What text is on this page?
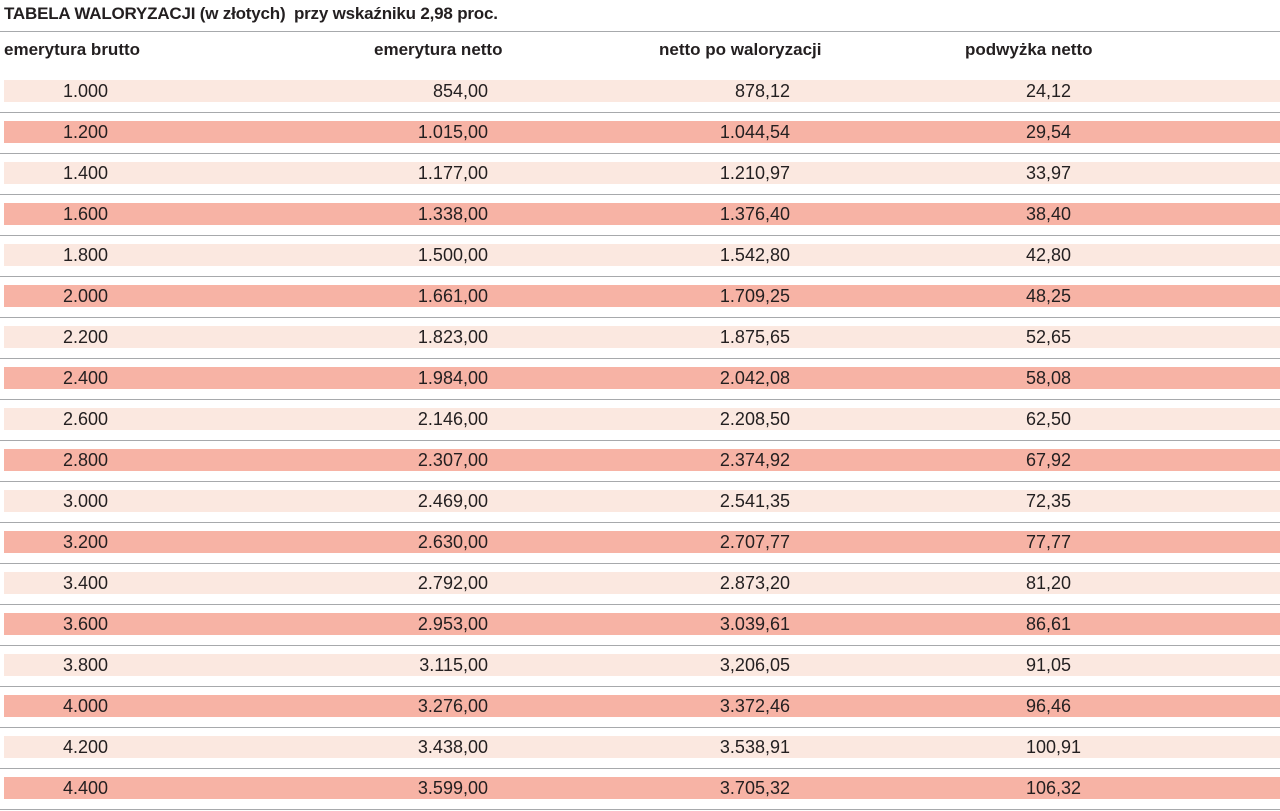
TABELA WALORYZACJI (w złotych) przy wskaźniku 2,98 proc.
emerytura brutto	emerytura netto	netto po waloryzacji	podwyżka netto
1.000	854,00	878,12	24,12
1.200	1.015,00	1.044,54	29,54
1.400	1.177,00	1.210,97	33,97
1.600	1.338,00	1.376,40	38,40
1.800	1.500,00	1.542,80	42,80
2.000	1.661,00	1.709,25	48,25
2.200	1.823,00	1.875,65	52,65
2.400	1.984,00	2.042,08	58,08
2.600	2.146,00	2.208,50	62,50
2.800	2.307,00	2.374,92	67,92
3.000	2.469,00	2.541,35	72,35
3.200	2.630,00	2.707,77	77,77
3.400	2.792,00	2.873,20	81,20
3.600	2.953,00	3.039,61	86,61
3.800	3.115,00	3,206,05	91,05
4.000	3.276,00	3.372,46	96,46
4.200	3.438,00	3.538,91	100,91
4.400	3.599,00	3.705,32	106,32
